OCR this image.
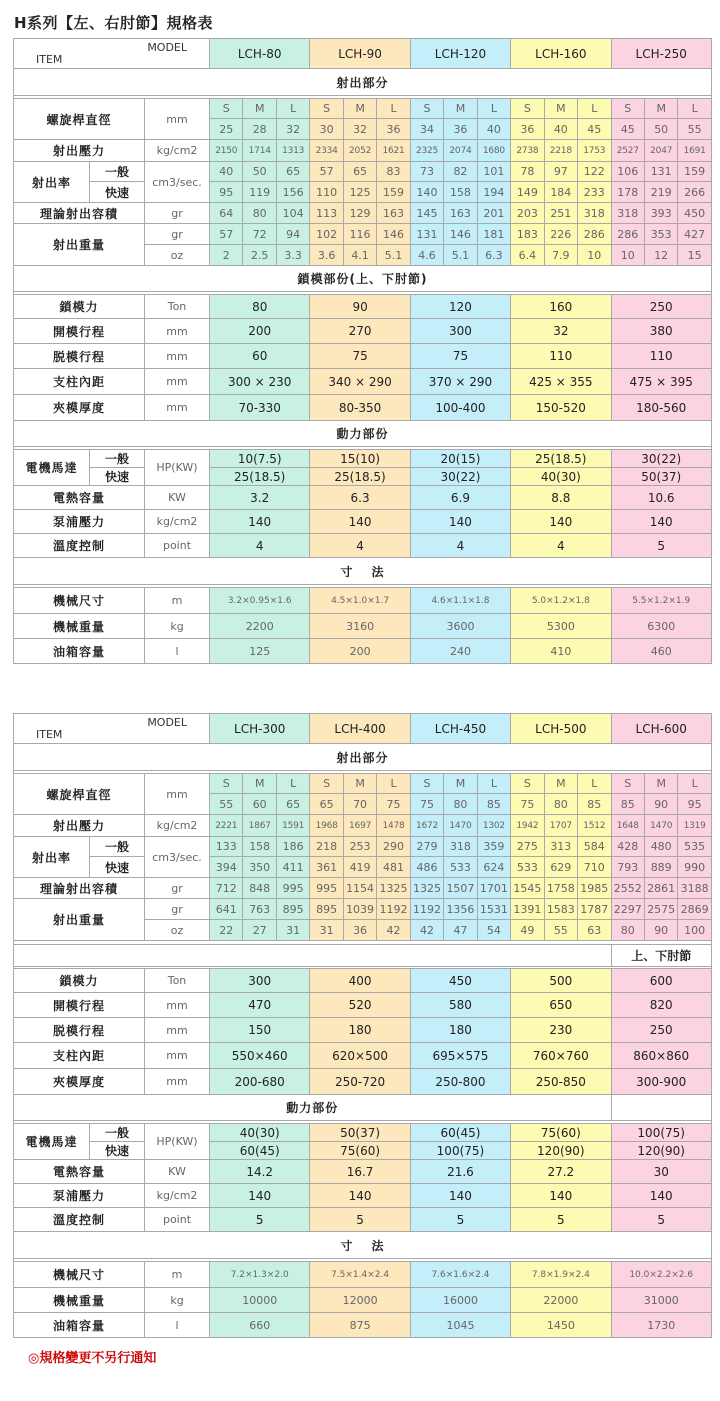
H系列【左、右肘節】規格表
MODEL
ITEM			LCH-80			LCH-90			LCH-120			LCH-160			LCH-250		
射出部分																	

螺旋桿直徑		mm	S	M	L	S	M	L	S	M	L	S	M	L	S	M	L
			25	28	32	30	32	36	34	36	40	36	40	45	45	50	55
射出壓力		kg/cm2	2150	1714	1313	2334	2052	1621	2325	2074	1680	2738	2218	1753	2527	2047	1691
射出率	一般	cm3/sec.	40	50	65	57	65	83	73	82	101	78	97	122	106	131	159
	快速		95	119	156	110	125	159	140	158	194	149	184	233	178	219	266
理論射出容積		gr	64	80	104	113	129	163	145	163	201	203	251	318	318	393	450
射出重量		gr	57	72	94	102	116	146	131	146	181	183	226	286	286	353	427
		oz	2	2.5	3.3	3.6	4.1	5.1	4.6	5.1	6.3	6.4	7.9	10	10	12	15
鎖模部份(上、下肘節)																	

鎖模力		Ton	80			90			120			160			250		
開模行程		mm	200			270			300			32			380		
脱模行程		mm	60			75			75			110			110		
支柱內距		mm	300 × 230			340 × 290			370 × 290			425 × 355			475 × 395		
夾模厚度		mm	70-330			80-350			100-400			150-520			180-560		
動力部份																	

電機馬達	一般	HP(KW)	10(7.5)			15(10)			20(15)			25(18.5)			30(22)		
	快速		25(18.5)			25(18.5)			30(22)			40(30)			50(37)		
電熱容量		KW	3.2			6.3			6.9			8.8			10.6		
泵浦壓力		kg/cm2	140			140			140			140			140		
溫度控制		point	4			4			4			4			5		
寸　 法																	

機械尺寸		m	3.2×0.95×1.6			4.5×1.0×1.7			4.6×1.1×1.8			5.0×1.2×1.8			5.5×1.2×1.9		
機械重量		kg	2200			3160			3600			5300			6300		
油箱容量		l	125			200			240			410			460		
MODEL
ITEM			LCH-300			LCH-400			LCH-450			LCH-500			LCH-600		
射出部分																	

螺旋桿直徑		mm	S	M	L	S	M	L	S	M	L	S	M	L	S	M	L
			55	60	65	65	70	75	75	80	85	75	80	85	85	90	95
射出壓力		kg/cm2	2221	1867	1591	1968	1697	1478	1672	1470	1302	1942	1707	1512	1648	1470	1319
射出率	一般	cm3/sec.	133	158	186	218	253	290	279	318	359	275	313	584	428	480	535
	快速		394	350	411	361	419	481	486	533	624	533	629	710	793	889	990
理論射出容積		gr	712	848	995	995	1154	1325	1325	1507	1701	1545	1758	1985	2552	2861	3188
射出重量		gr	641	763	895	895	1039	1192	1192	1356	1531	1391	1583	1787	2297	2575	2869
		oz	22	27	31	31	36	42	42	47	54	49	55	63	80	90	100

															上、下肘節		

鎖模力		Ton	300			400			450			500			600		
開模行程		mm	470			520			580			650			820		
脱模行程		mm	150			180			180			230			250		
支柱內距		mm	550×460			620×500			695×575			760×760			860×860		
夾模厚度		mm	200-680			250-720			250-800			250-850			300-900		
動力部份																	

電機馬達	一般	HP(KW)	40(30)			50(37)			60(45)			75(60)			100(75)		
	快速		60(45)			75(60)			100(75)			120(90)			120(90)		
電熱容量		KW	14.2			16.7			21.6			27.2			30		
泵浦壓力		kg/cm2	140			140			140			140			140		
溫度控制		point	5			5			5			5			5		
寸　 法																	

機械尺寸		m	7.2×1.3×2.0			7.5×1.4×2.4			7.6×1.6×2.4			7.8×1.9×2.4			10.0×2.2×2.6		
機械重量		kg	10000			12000			16000			22000			31000		
油箱容量		l	660			875			1045			1450			1730		
◎規格變更不另行通知
